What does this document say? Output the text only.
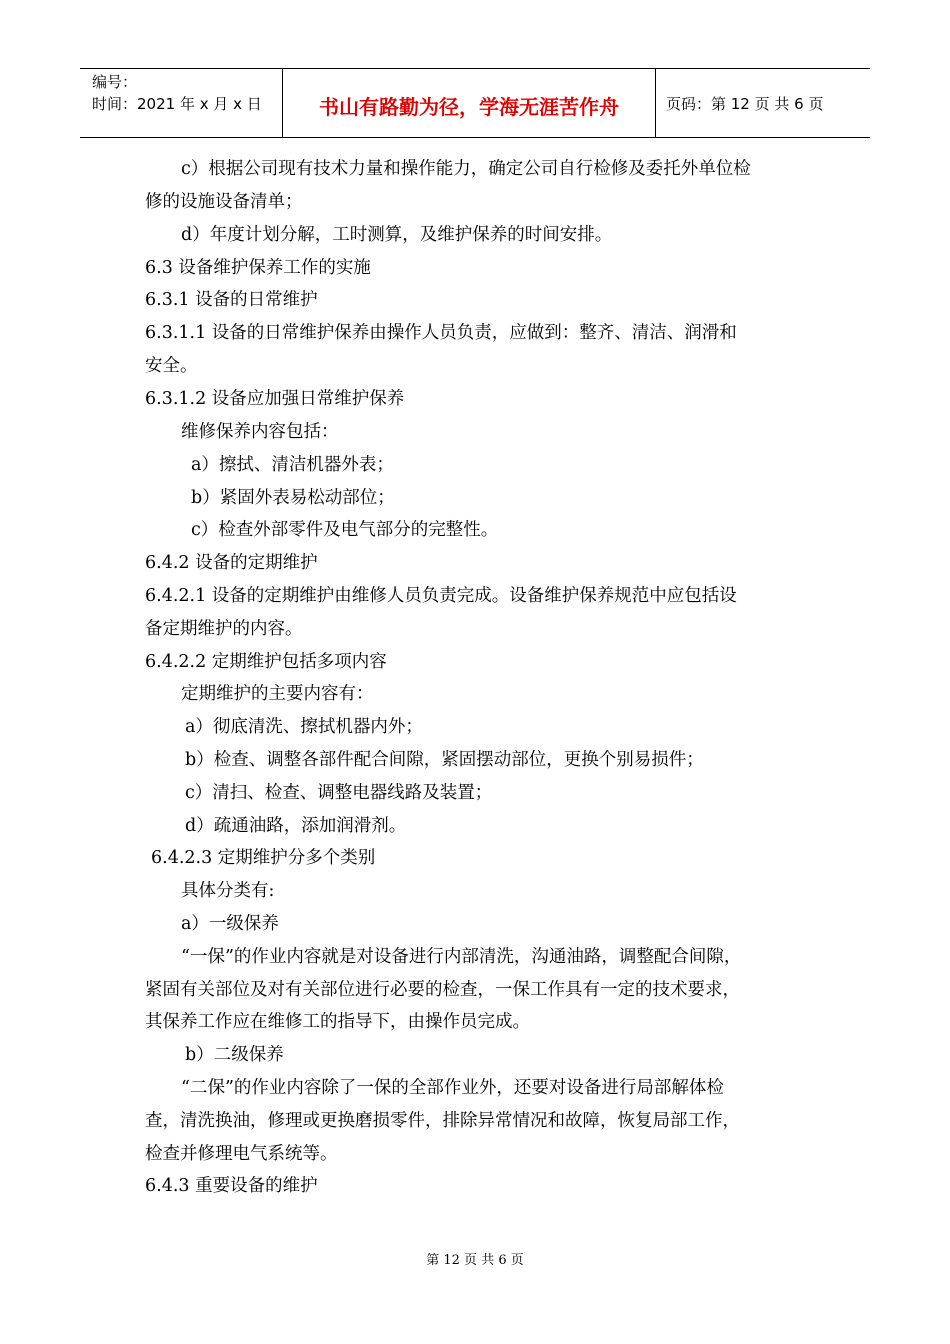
编号：
时间：2021 年 x 月 x 日	书山有路勤为径，学海无涯苦作舟	页码：第 12 页 共 6 页
c）根据公司现有技术力量和操作能力，确定公司自行检修及委托外单位检
修的设施设备清单；
d）年度计划分解，工时测算，及维护保养的时间安排。
6.3 设备维护保养工作的实施
6.3.1 设备的日常维护
6.3.1.1 设备的日常维护保养由操作人员负责，应做到：整齐、清洁、润滑和
安全。
6.3.1.2 设备应加强日常维护保养
维修保养内容包括：
a）擦拭、清洁机器外表；
b）紧固外表易松动部位；
c）检查外部零件及电气部分的完整性。
6.4.2 设备的定期维护
6.4.2.1 设备的定期维护由维修人员负责完成。设备维护保养规范中应包括设
备定期维护的内容。
6.4.2.2 定期维护包括多项内容
定期维护的主要内容有：
a）彻底清洗、擦拭机器内外；
b）检查、调整各部件配合间隙，紧固摆动部位，更换个别易损件；
c）清扫、检查、调整电器线路及装置；
d）疏通油路，添加润滑剂。
6.4.2.3 定期维护分多个类别
具体分类有:
a）一级保养
“一保”的作业内容就是对设备进行内部清洗，沟通油路，调整配合间隙，
紧固有关部位及对有关部位进行必要的检查，一保工作具有一定的技术要求，
其保养工作应在维修工的指导下，由操作员完成。
b）二级保养
“二保”的作业内容除了一保的全部作业外，还要对设备进行局部解体检
查，清洗换油，修理或更换磨损零件，排除异常情况和故障，恢复局部工作，
检查并修理电气系统等。
6.4.3 重要设备的维护
第 12 页 共 6 页
